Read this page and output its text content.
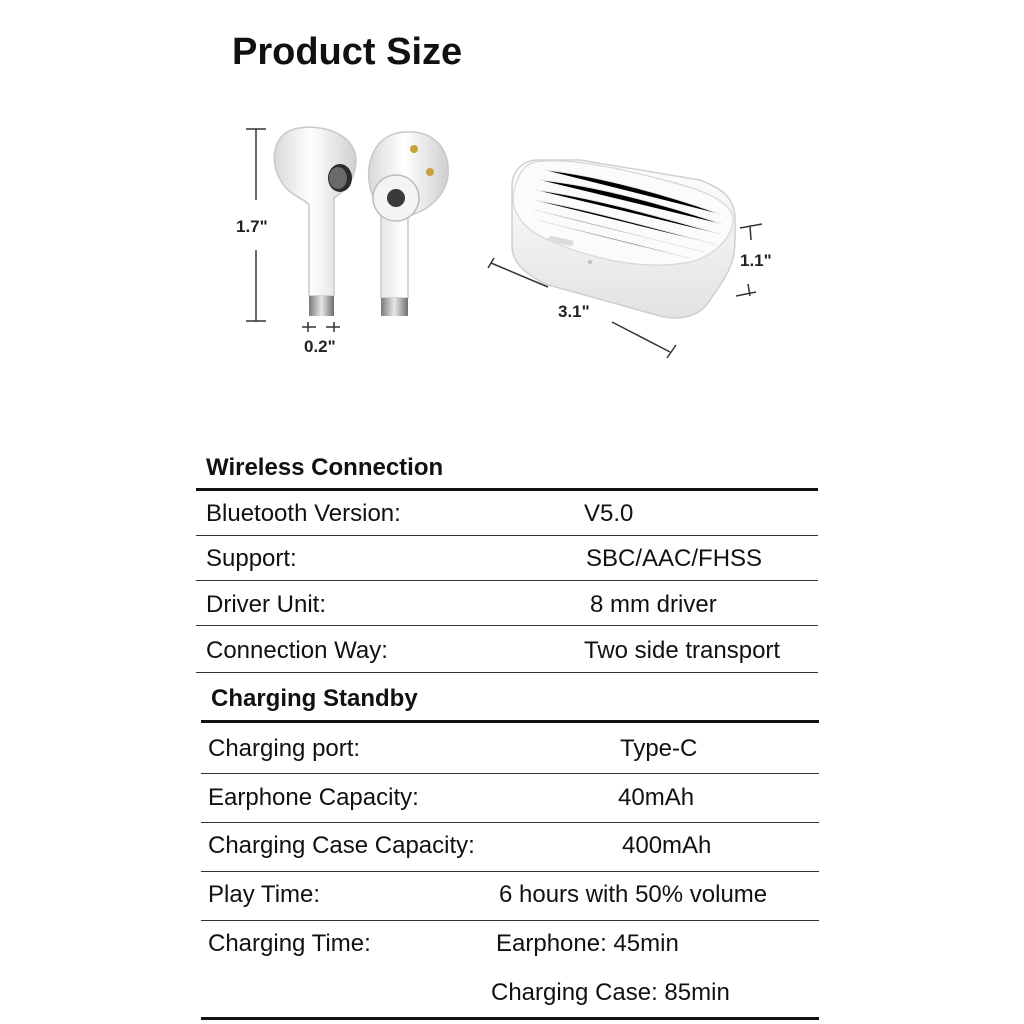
Product Size
1.7"
0.2"
3.1"
1.1"
Wireless Connection
Bluetooth Version:	V5.0
Support:	SBC/AAC/FHSS
Driver Unit:	8 mm driver
Connection Way:	Two side transport
Charging Standby
Charging port:	Type-C
Earphone Capacity:	40mAh
Charging Case Capacity:	400mAh
Play Time:	6 hours with 50% volume
Charging Time:	Earphone: 45min
Charging Case: 85min
